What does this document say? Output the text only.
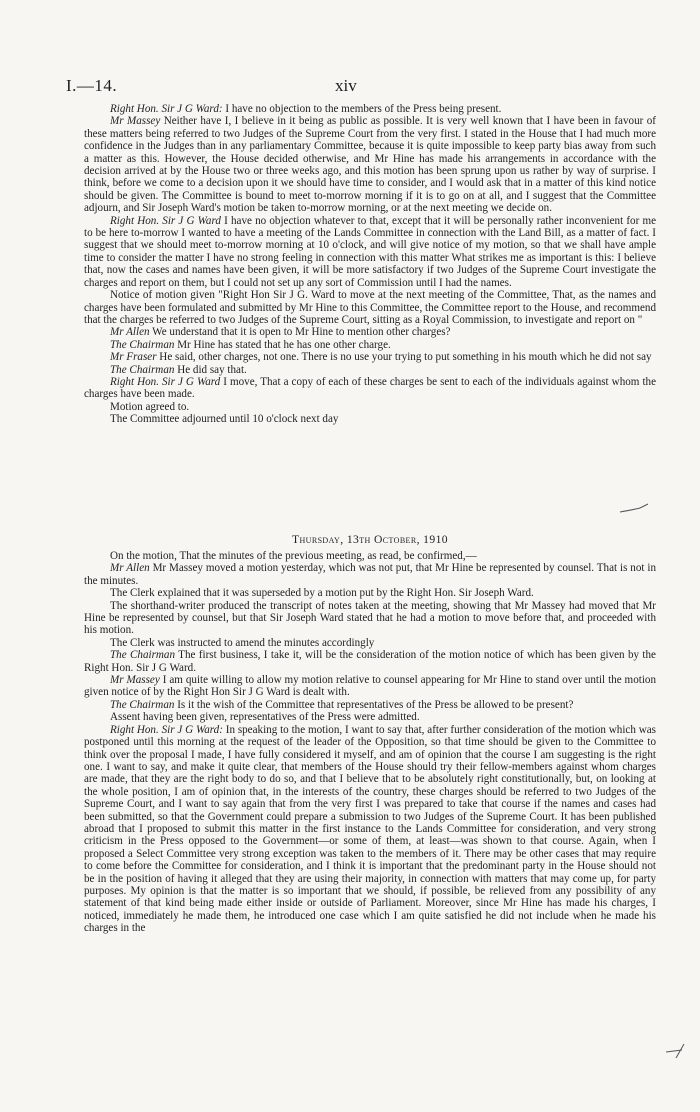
I.—14.	xiv

Right Hon. Sir J G Ward: I have no objection to the members of the Press being present.

Mr Massey Neither have I, I believe in it being as public as possible. It is very well known that I have been in favour of these matters being referred to two Judges of the Supreme Court from the very first. I stated in the House that I had much more confidence in the Judges than in any parliamentary Committee, because it is quite impossible to keep party bias away from such a matter as this. However, the House decided otherwise, and Mr Hine has made his arrangements in accordance with the decision arrived at by the House two or three weeks ago, and this motion has been sprung upon us rather by way of surprise. I think, before we come to a decision upon it we should have time to consider, and I would ask that in a matter of this kind notice should be given. The Committee is bound to meet to-morrow morning if it is to go on at all, and I suggest that the Committee adjourn, and Sir Joseph Ward's motion be taken to-morrow morning, or at the next meeting we decide on.

Right Hon. Sir J G Ward I have no objection whatever to that, except that it will be personally rather inconvenient for me to be here to-morrow I wanted to have a meeting of the Lands Committee in connection with the Land Bill, as a matter of fact. I suggest that we should meet to-morrow morning at 10 o'clock, and will give notice of my motion, so that we shall have ample time to consider the matter I have no strong feeling in connection with this matter What strikes me as important is this: I believe that, now the cases and names have been given, it will be more satisfactory if two Judges of the Supreme Court investigate the charges and report on them, but I could not set up any sort of Commission until I had the names.

Notice of motion given "Right Hon Sir J G. Ward to move at the next meeting of the Committee, That, as the names and charges have been formulated and submitted by Mr Hine to this Committee, the Committee report to the House, and recommend that the charges be referred to two Judges of the Supreme Court, sitting as a Royal Commission, to investigate and report on "

Mr Allen We understand that it is open to Mr Hine to mention other charges?

The Chairman Mr Hine has stated that he has one other charge.

Mr Fraser He said, other charges, not one. There is no use your trying to put something in his mouth which he did not say

The Chairman He did say that.

Right Hon. Sir J G Ward I move, That a copy of each of these charges be sent to each of the individuals against whom the charges have been made.

Motion agreed to.

The Committee adjourned until 10 o'clock next day

Thursday, 13th October, 1910

On the motion, That the minutes of the previous meeting, as read, be confirmed,—

Mr Allen Mr Massey moved a motion yesterday, which was not put, that Mr Hine be represented by counsel. That is not in the minutes.

The Clerk explained that it was superseded by a motion put by the Right Hon. Sir Joseph Ward.

The shorthand-writer produced the transcript of notes taken at the meeting, showing that Mr Massey had moved that Mr Hine be represented by counsel, but that Sir Joseph Ward stated that he had a motion to move before that, and proceeded with his motion.

The Clerk was instructed to amend the minutes accordingly

The Chairman The first business, I take it, will be the consideration of the motion notice of which has been given by the Right Hon. Sir J G Ward.

Mr Massey I am quite willing to allow my motion relative to counsel appearing for Mr Hine to stand over until the motion given notice of by the Right Hon Sir J G Ward is dealt with.

The Chairman Is it the wish of the Committee that representatives of the Press be allowed to be present?

Assent having been given, representatives of the Press were admitted.

Right Hon. Sir J G Ward: In speaking to the motion, I want to say that, after further consideration of the motion which was postponed until this morning at the request of the leader of the Opposition, so that time should be given to the Committee to think over the proposal I made, I have fully considered it myself, and am of opinion that the course I am suggesting is the right one. I want to say, and make it quite clear, that members of the House should try their fellow-members against whom charges are made, that they are the right body to do so, and that I believe that to be absolutely right constitutionally, but, on looking at the whole position, I am of opinion that, in the interests of the country, these charges should be referred to two Judges of the Supreme Court, and I want to say again that from the very first I was prepared to take that course if the names and cases had been submitted, so that the Government could prepare a submission to two Judges of the Supreme Court. It has been published abroad that I proposed to submit this matter in the first instance to the Lands Committee for consideration, and very strong criticism in the Press opposed to the Government—or some of them, at least—was shown to that course. Again, when I proposed a Select Committee very strong exception was taken to the members of it. There may be other cases that may require to come before the Committee for consideration, and I think it is important that the predominant party in the House should not be in the position of having it alleged that they are using their majority, in connection with matters that may come up, for party purposes. My opinion is that the matter is so important that we should, if possible, be relieved from any possibility of any statement of that kind being made either inside or outside of Parliament. Moreover, since Mr Hine has made his charges, I noticed, immediately he made them, he introduced one case which I am quite satisfied he did not include when he made his charges in the
